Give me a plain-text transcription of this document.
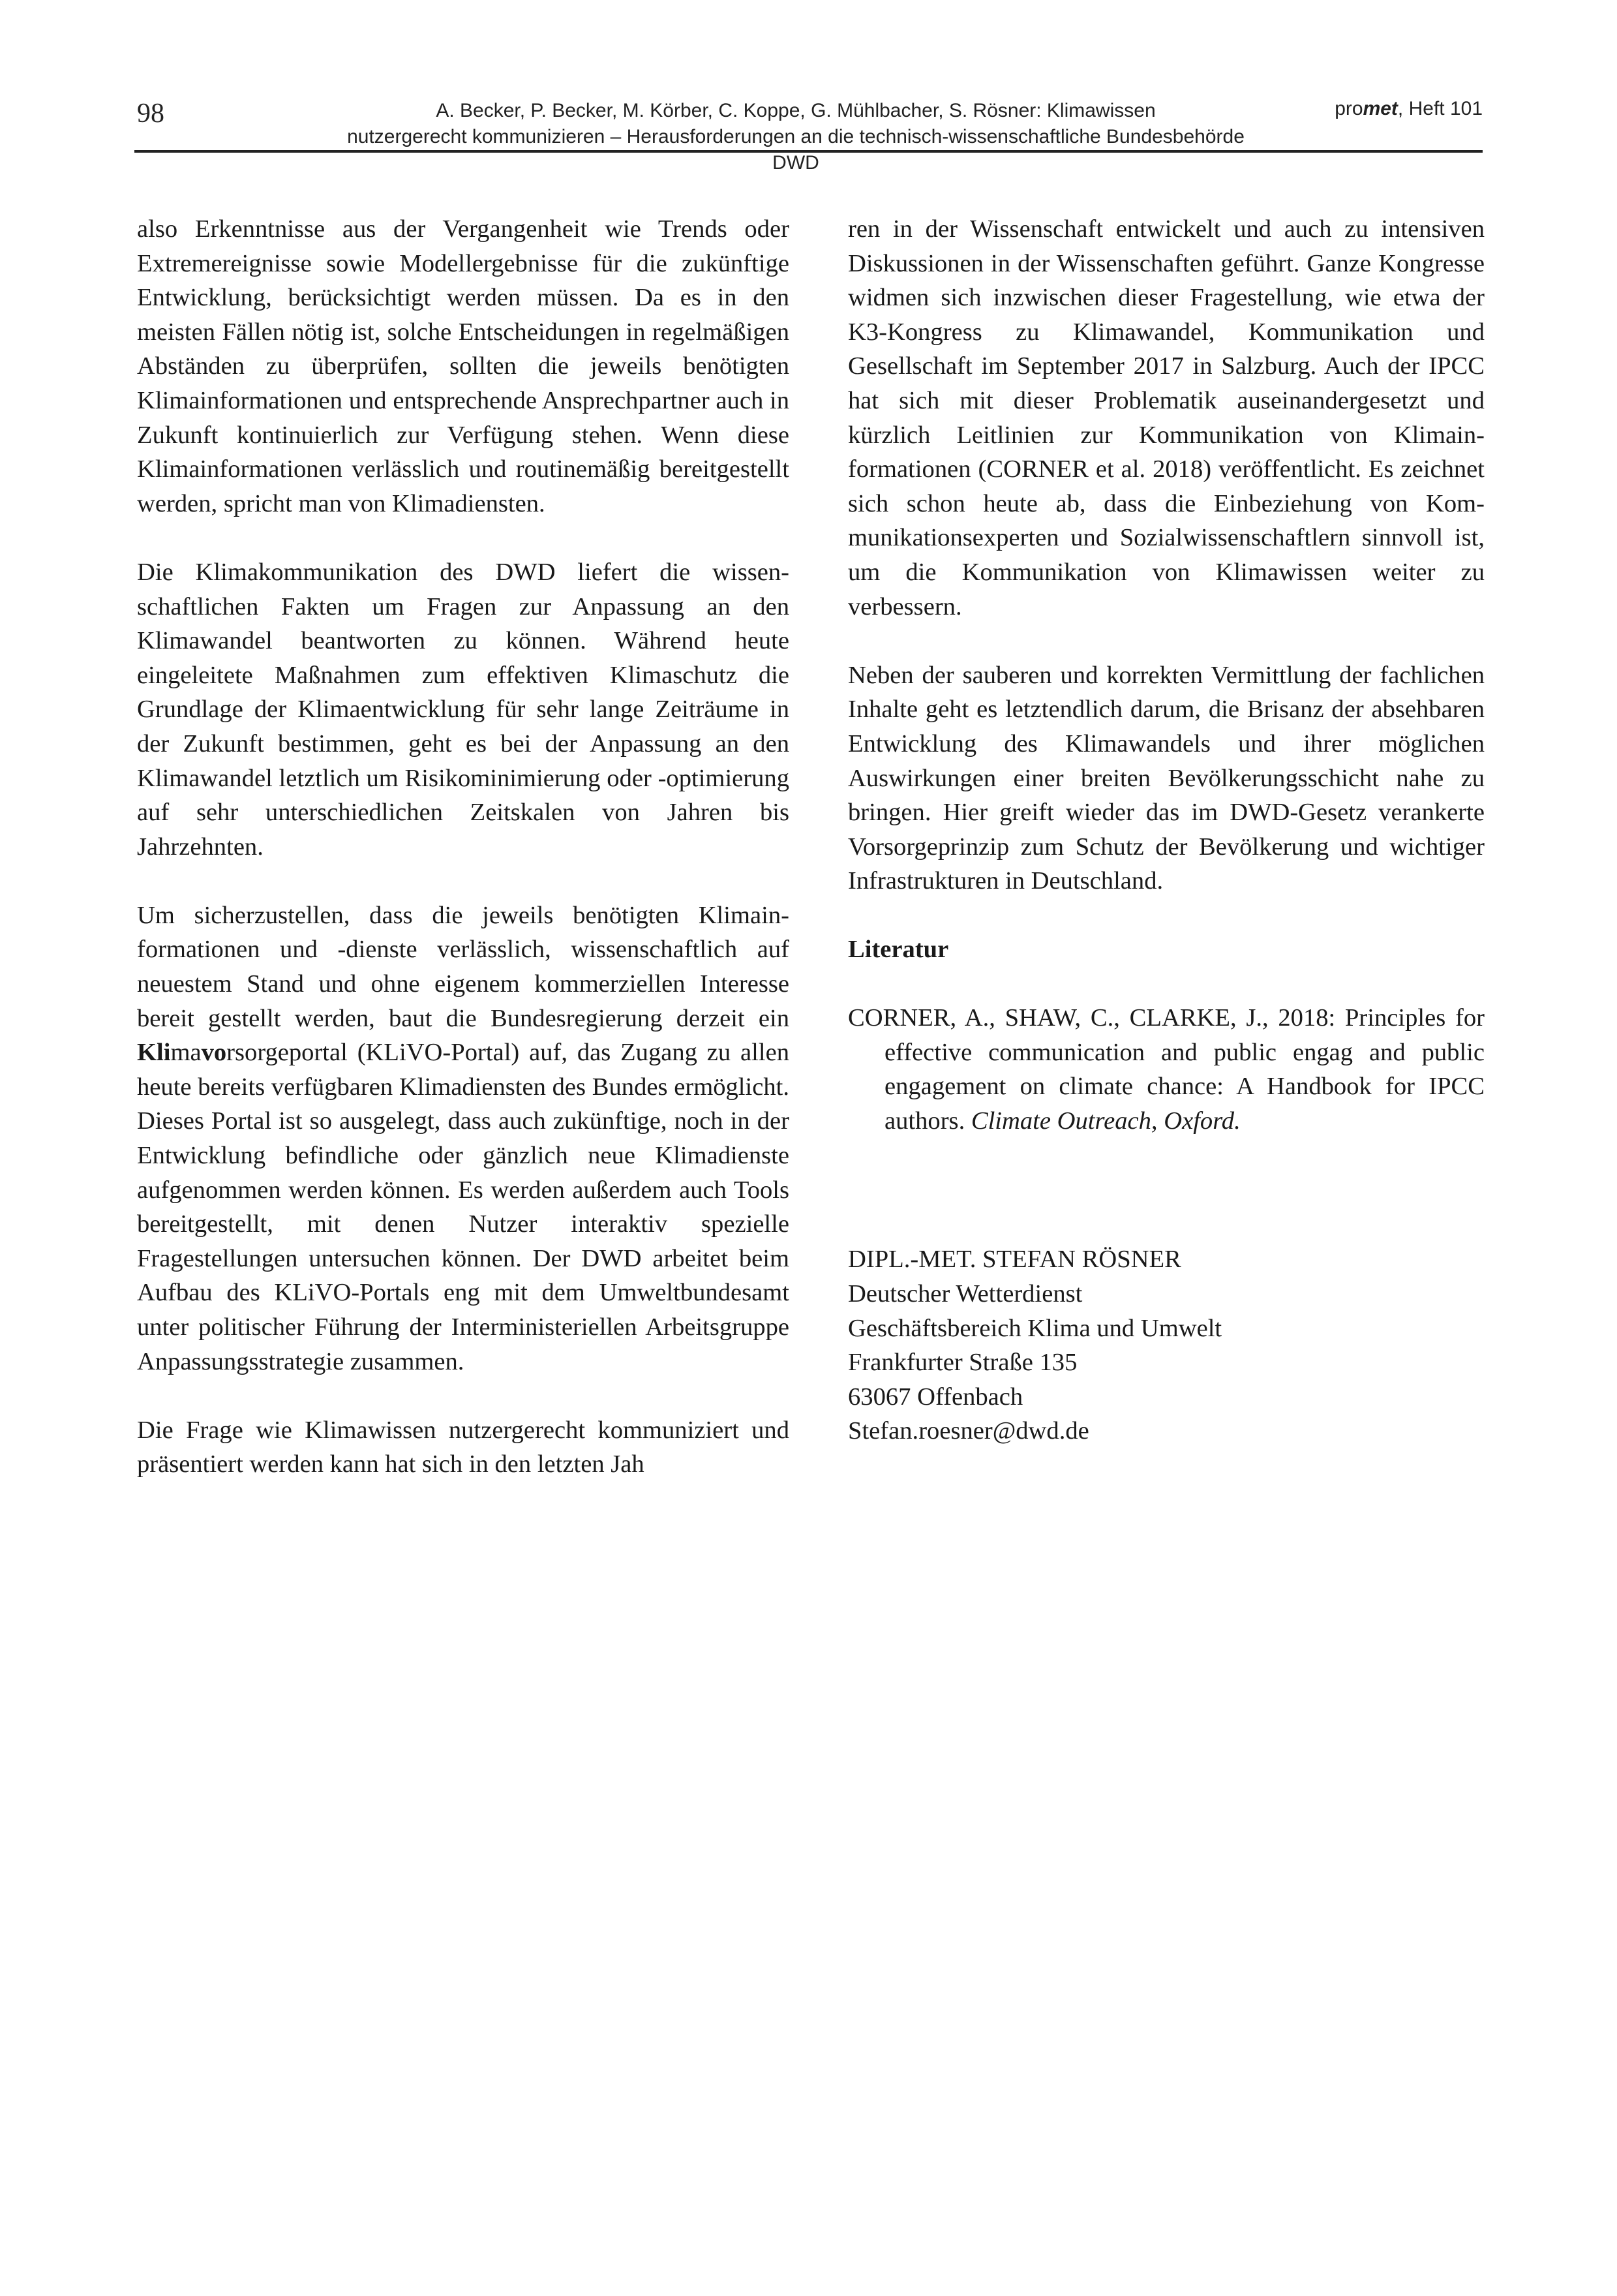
98	A. Becker, P. Becker, M. Körber, C. Koppe, G. Mühlbacher, S. Rösner: Klimawissen
nutzergerecht kommunizieren – Herausforderungen an die technisch-wissenschaftliche Bundesbehörde DWD
promet, Heft 101

also Erkenntnisse aus der Vergangenheit wie Trends oder Extremereignisse sowie Modellergebnisse für die zukünftige Entwicklung, berücksichtigt werden müssen. Da es in den meisten Fällen nötig ist, solche Entscheidungen in regelmäßigen Abständen zu überprüfen, sollten die jeweils benötigten Klimainformationen und entsprechende Ansprechpartner auch in Zukunft kontinuierlich zur Verfügung stehen. Wenn diese Klimainformationen verlässlich und routinemäßig bereitgestellt werden, spricht man von Klimadiensten.

Die Klimakommunikation des DWD liefert die wissenschaftlichen Fakten um Fragen zur Anpassung an den Klimawandel beantworten zu können. Während heute eingeleitete Maßnahmen zum effektiven Klimaschutz die Grundlage der Klimaentwicklung für sehr lange Zeiträume in der Zukunft bestimmen, geht es bei der Anpassung an den Klimawandel letztlich um Risikominimierung oder -optimierung auf sehr unterschiedlichen Zeitskalen von Jahren bis Jahrzehnten.

Um sicherzustellen, dass die jeweils benötigten Klimainformationen und -dienste verlässlich, wissenschaftlich auf neuestem Stand und ohne eigenem kommerziellen Interesse bereit gestellt werden, baut die Bundesregierung derzeit ein Klimavorsorgeportal (KLiVO-Portal) auf, das Zugang zu allen heute bereits verfügbaren Klimadiensten des Bundes ermöglicht. Dieses Portal ist so ausgelegt, dass auch zukünftige, noch in der Entwicklung befindliche oder gänzlich neue Klimadienste aufgenommen werden können. Es werden außerdem auch Tools bereitgestellt, mit denen Nutzer interaktiv spezielle Fragestellungen untersuchen können. Der DWD arbeitet beim Aufbau des KLiVO-Portals eng mit dem Umweltbundesamt unter politischer Führung der Interministeriellen Arbeitsgruppe Anpassungsstrategie zusammen.

Die Frage wie Klimawissen nutzergerecht kommuniziert und präsentiert werden kann hat sich in den letzten Jah

ren in der Wissenschaft entwickelt und auch zu intensiven Diskussionen in der Wissenschaften geführt. Ganze Kongresse widmen sich inzwischen dieser Fragestellung, wie etwa der K3-Kongress zu Klimawandel, Kommunikation und Gesellschaft im September 2017 in Salzburg. Auch der IPCC hat sich mit dieser Problematik auseinandergesetzt und kürzlich Leitlinien zur Kommunikation von Klimainformationen (CORNER et al. 2018) veröffentlicht. Es zeichnet sich schon heute ab, dass die Einbeziehung von Kommunikationsexperten und Sozialwissenschaftlern sinnvoll ist, um die Kommunikation von Klimawissen weiter zu verbessern.

Neben der sauberen und korrekten Vermittlung der fachlichen Inhalte geht es letztendlich darum, die Brisanz der absehbaren Entwicklung des Klimawandels und ihrer möglichen Auswirkungen einer breiten Bevölkerungsschicht nahe zu bringen. Hier greift wieder das im DWD-Gesetz verankerte Vorsorgeprinzip zum Schutz der Bevölkerung und wichtiger Infrastrukturen in Deutschland.

Literatur

CORNER, A., SHAW, C., CLARKE, J., 2018: Principles for effective communication and public engag and public engagement on climate chance: A Handbook for IPCC authors. Climate Outreach, Oxford.

DIPL.-MET. STEFAN RÖSNER
Deutscher Wetterdienst
Geschäftsbereich Klima und Umwelt
Frankfurter Straße 135
63067 Offenbach
Stefan.roesner@dwd.de
